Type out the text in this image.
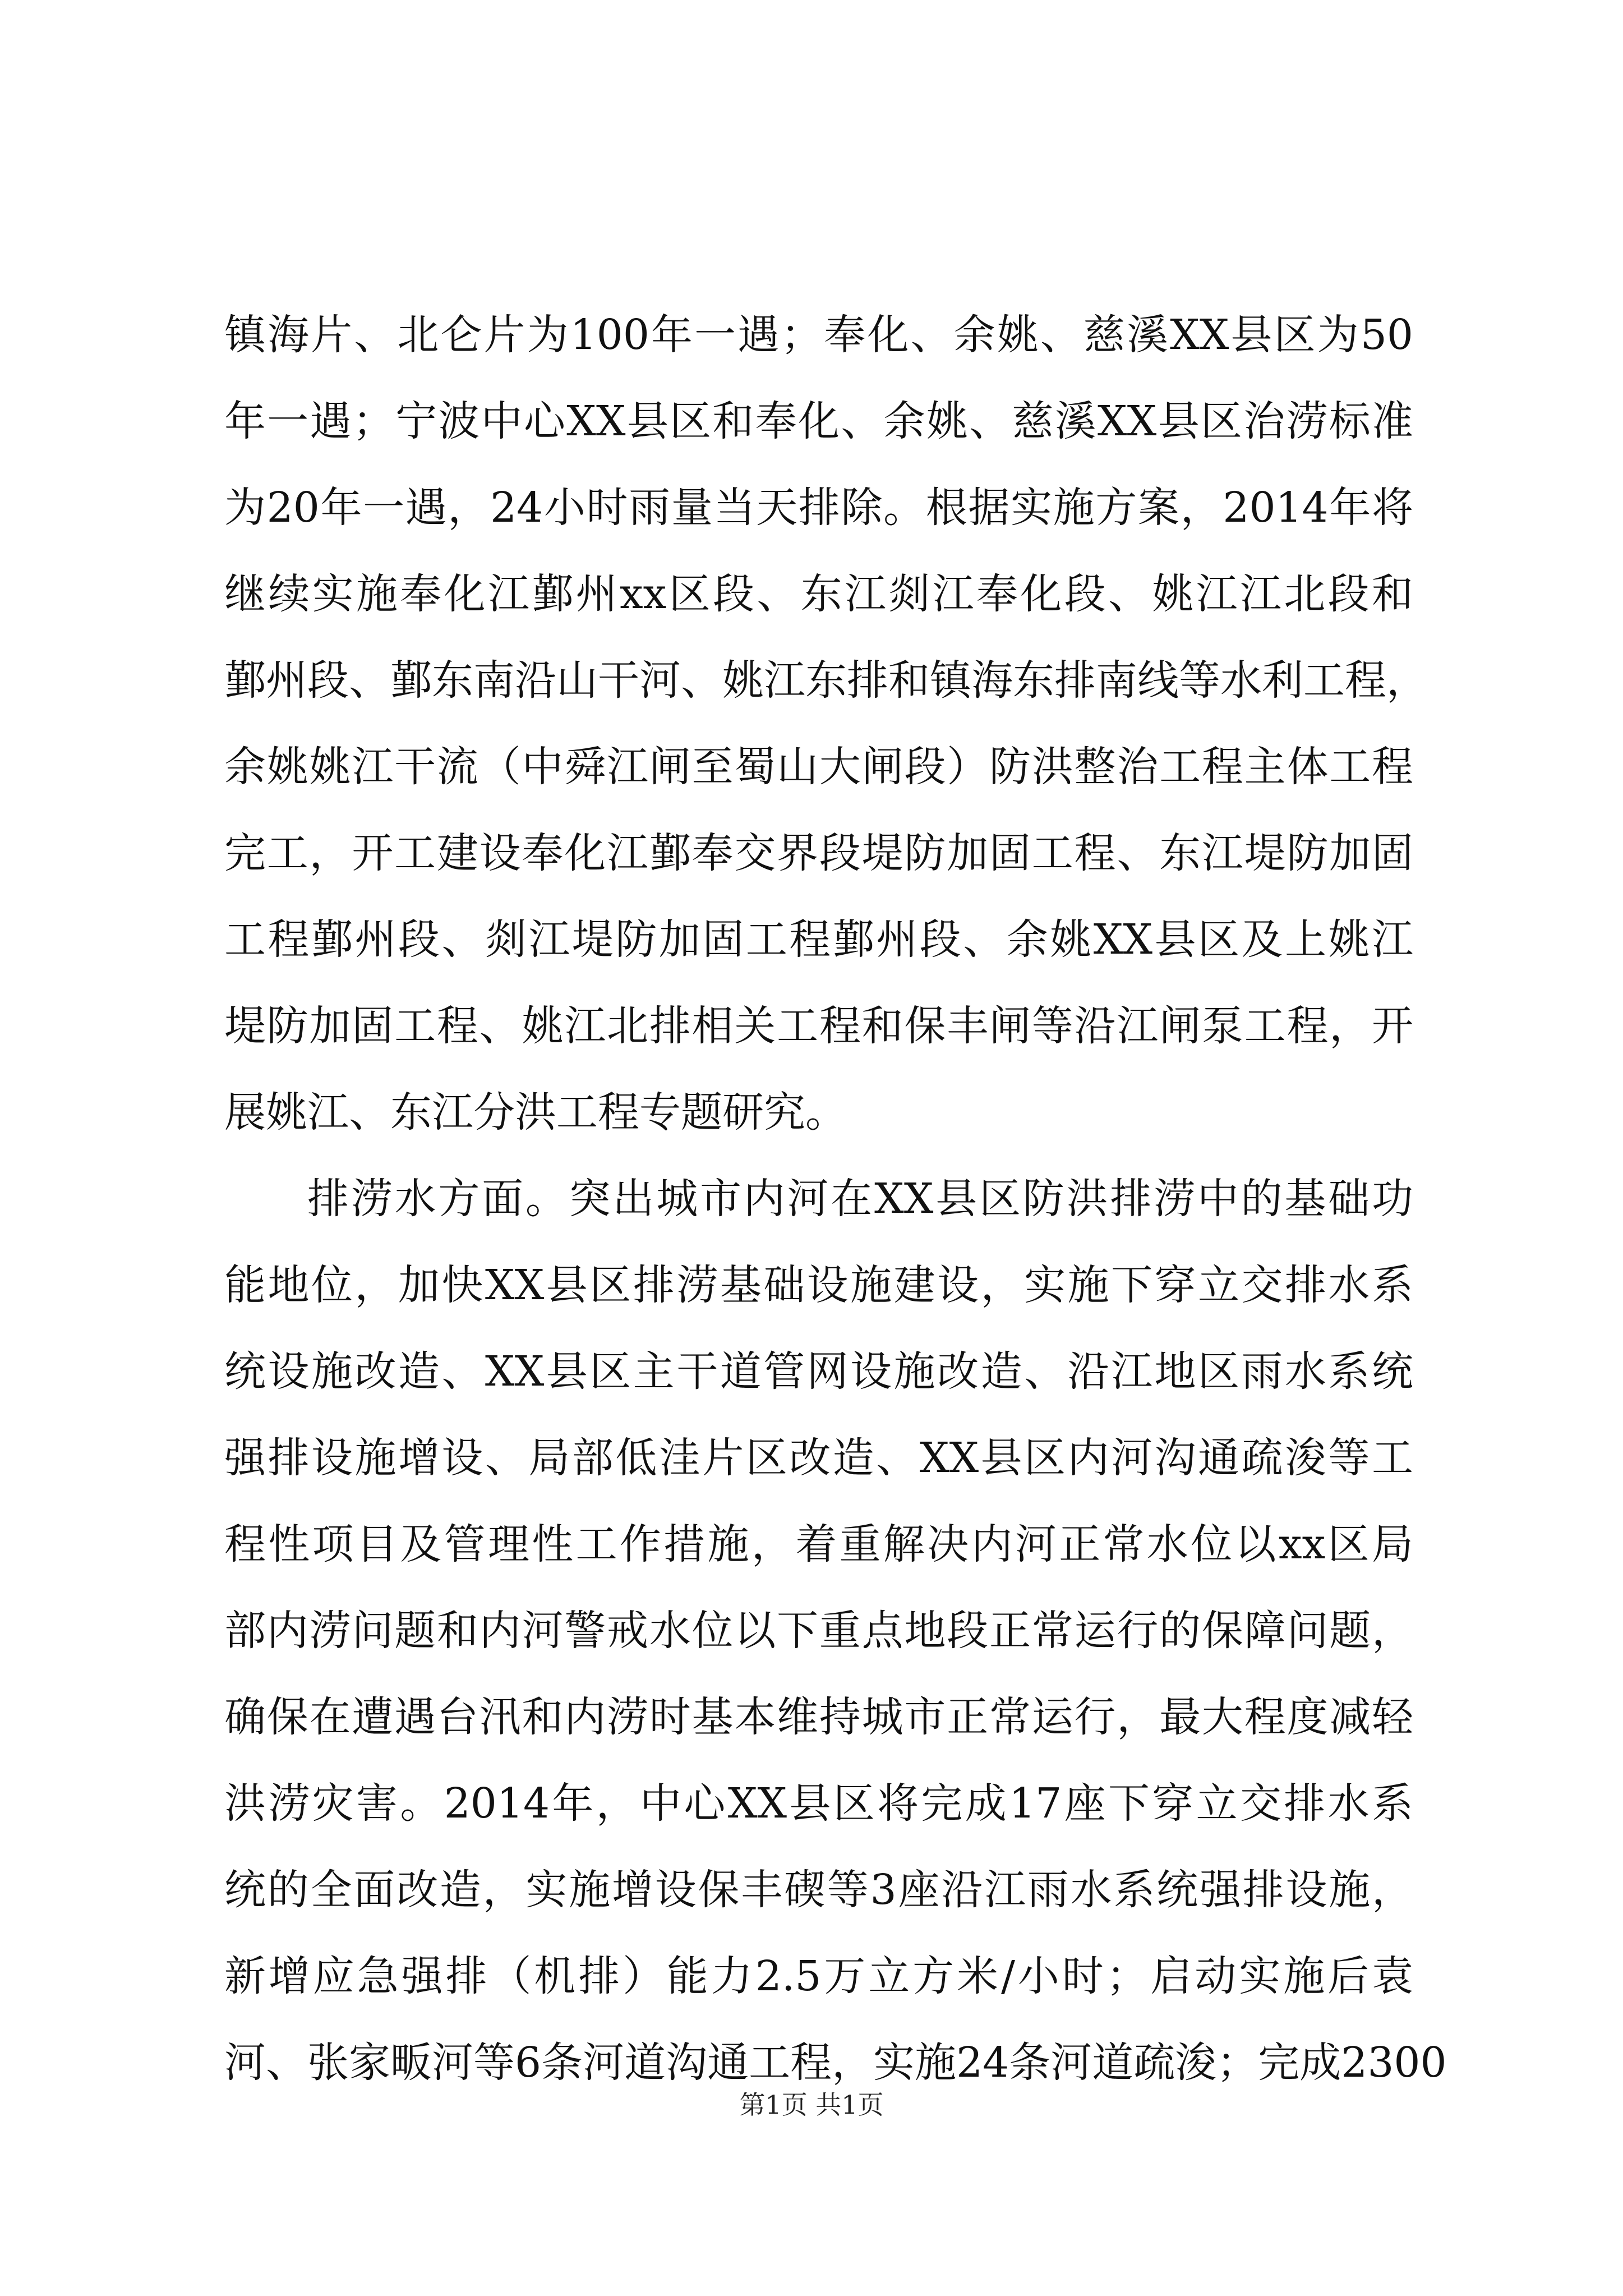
镇海片、北仑片为100年一遇；奉化、余姚、慈溪XX县区为50
年一遇；宁波中心XX县区和奉化、余姚、慈溪XX县区治涝标准
为20年一遇，24小时雨量当天排除。根据实施方案，2014年将
继续实施奉化江鄞州xx区段、东江剡江奉化段、姚江江北段和
鄞州段、鄞东南沿山干河、姚江东排和镇海东排南线等水利工程，
余姚姚江干流（中舜江闸至蜀山大闸段）防洪整治工程主体工程
完工，开工建设奉化江鄞奉交界段堤防加固工程、东江堤防加固
工程鄞州段、剡江堤防加固工程鄞州段、余姚XX县区及上姚江
堤防加固工程、姚江北排相关工程和保丰闸等沿江闸泵工程，开
展姚江、东江分洪工程专题研究。
排涝水方面。突出城市内河在XX县区防洪排涝中的基础功
能地位，加快XX县区排涝基础设施建设，实施下穿立交排水系
统设施改造、XX县区主干道管网设施改造、沿江地区雨水系统
强排设施增设、局部低洼片区改造、XX县区内河沟通疏浚等工
程性项目及管理性工作措施，着重解决内河正常水位以xx区局
部内涝问题和内河警戒水位以下重点地段正常运行的保障问题，
确保在遭遇台汛和内涝时基本维持城市正常运行，最大程度减轻
洪涝灾害。2014年，中心XX县区将完成17座下穿立交排水系
统的全面改造，实施增设保丰碶等3座沿江雨水系统强排设施，
新增应急强排（机排）能力2.5万立方米/小时；启动实施后袁
河、张家畈河等6条河道沟通工程，实施24条河道疏浚；完成2300
第1页 共1页
